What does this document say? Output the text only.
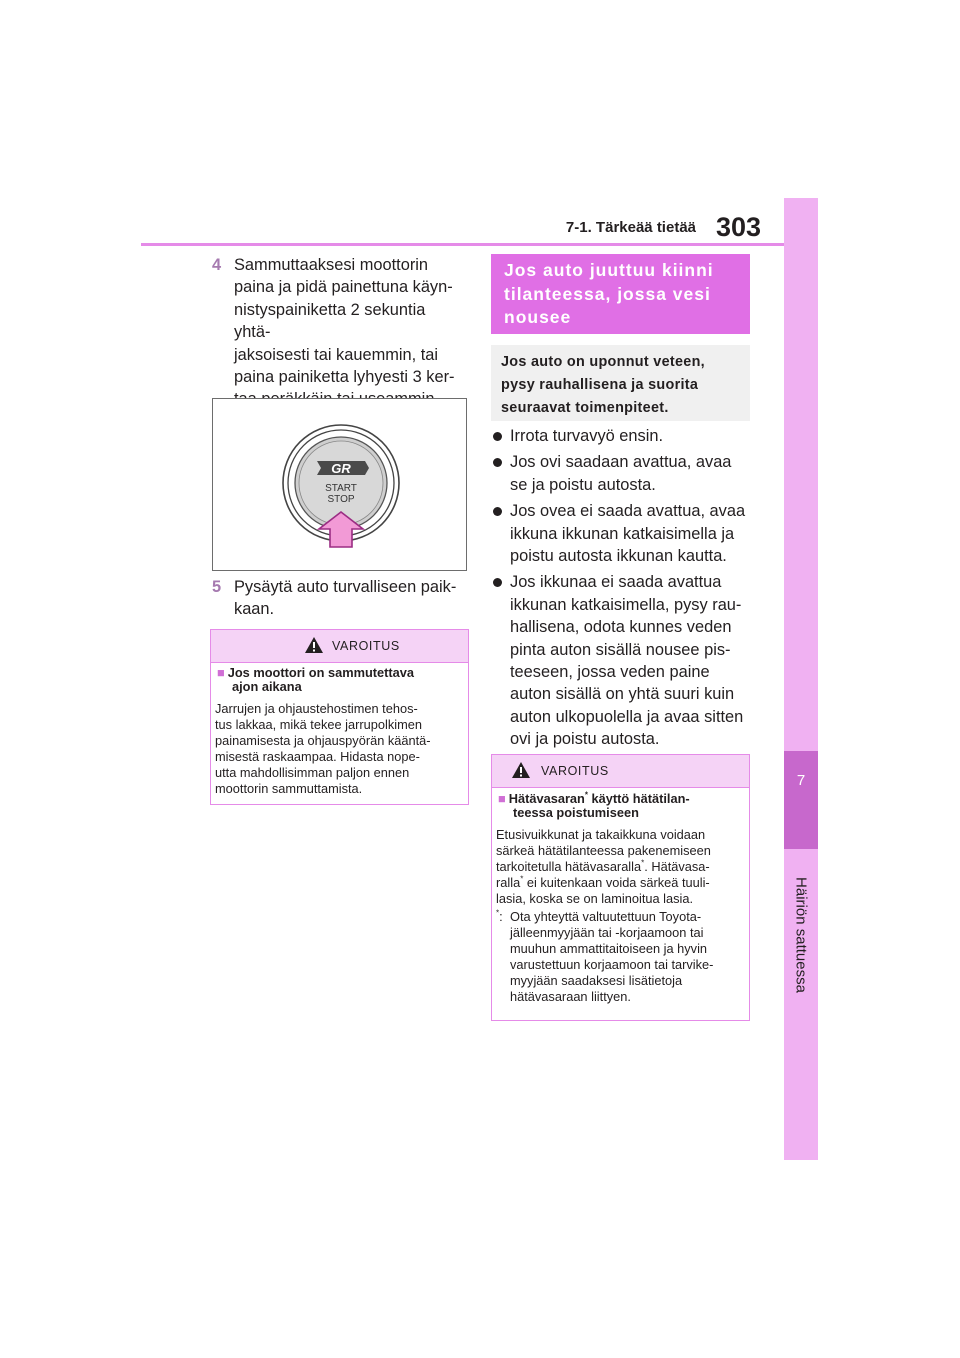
7-1. Tärkeää tietää 303
7
Häiriön sattuessa
4 Sammuttaaksesi moottorin
paina ja pidä painettuna käyn-
nistyspainiketta 2 sekuntia yhtä-
jaksoisesti tai kauemmin, tai
paina painiketta lyhyesti 3 ker-
GR
START
STOP
5 Pysäytä auto turvalliseen paik-
kaan.
VAROITUS
■ Jos moottori on sammutettava
ajon aikana
Jarrujen ja ohjaustehostimen tehos-
tus lakkaa, mikä tekee jarrupolkimen
painamisesta ja ohjauspyörän kääntä-
misestä raskaampaa. Hidasta nope-
utta mahdollisimman paljon ennen
moottorin sammuttamista.
Jos auto juuttuu kiinni
tilanteessa, jossa vesi
nousee
Jos auto on uponnut veteen,
pysy rauhallisena ja suorita
seuraavat toimenpiteet.
Irrota turvavyö ensin.
Jos ovi saadaan avattua, avaa
se ja poistu autosta.
Jos ovea ei saada avattua, avaa
ikkuna ikkunan katkaisimella ja
poistu autosta ikkunan kautta.
Jos ikkunaa ei saada avattua
ikkunan katkaisimella, pysy rau-
hallisena, odota kunnes veden
pinta auton sisällä nousee pis-
teeseen, jossa veden paine
auton sisällä on yhtä suuri kuin
auton ulkopuolella ja avaa sitten
ovi ja poistu autosta.
VAROITUS
■ Hätävasaran* käyttö hätätilan-
teessa poistumiseen
Etusivuikkunat ja takaikkuna voidaan
särkeä hätätilanteessa pakenemiseen
tarkoitetulla hätävasaralla*. Hätävasa-
ralla* ei kuitenkaan voida särkeä tuuli-
lasia, koska se on laminoitua lasia.
*: Ota yhteyttä valtuutettuun Toyota-
jälleenmyyjään tai -korjaamoon tai
muuhun ammattitaitoiseen ja hyvin
varustettuun korjaamoon tai tarvike-
myyjään saadaksesi lisätietoja
hätävasaraan liittyen.
